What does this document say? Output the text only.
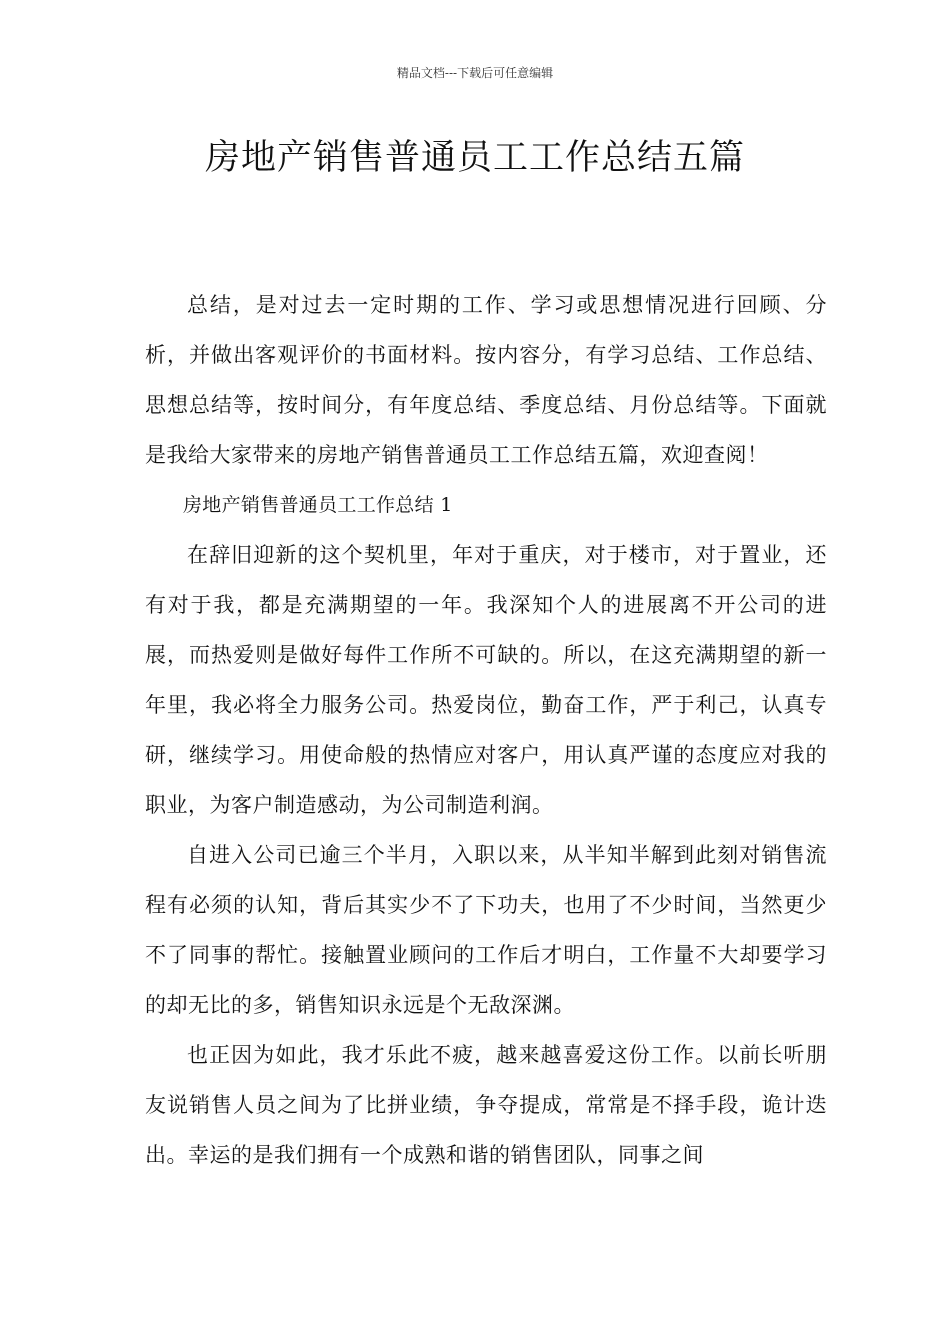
精品文档---下载后可任意编辑
房地产销售普通员工工作总结五篇

总结，是对过去一定时期的工作、学习或思想情况进行回顾、分析，并做出客观评价的书面材料。按内容分，有学习总结、工作总结、思想总结等，按时间分，有年度总结、季度总结、月份总结等。下面就是我给大家带来的房地产销售普通员工工作总结五篇，欢迎查阅！

房地产销售普通员工工作总结 1

在辞旧迎新的这个契机里，年对于重庆，对于楼市，对于置业，还有对于我，都是充满期望的一年。我深知个人的进展离不开公司的进展，而热爱则是做好每件工作所不可缺的。所以，在这充满期望的新一年里，我必将全力服务公司。热爱岗位，勤奋工作，严于利己，认真专研，继续学习。用使命般的热情应对客户，用认真严谨的态度应对我的职业，为客户制造感动，为公司制造利润。

自进入公司已逾三个半月，入职以来，从半知半解到此刻对销售流程有必须的认知，背后其实少不了下功夫，也用了不少时间，当然更少不了同事的帮忙。接触置业顾问的工作后才明白，工作量不大却要学习的却无比的多，销售知识永远是个无敌深渊。

也正因为如此，我才乐此不疲，越来越喜爱这份工作。以前长听朋友说销售人员之间为了比拼业绩，争夺提成，常常是不择手段，诡计迭出。幸运的是我们拥有一个成熟和谐的销售团队，同事之间
